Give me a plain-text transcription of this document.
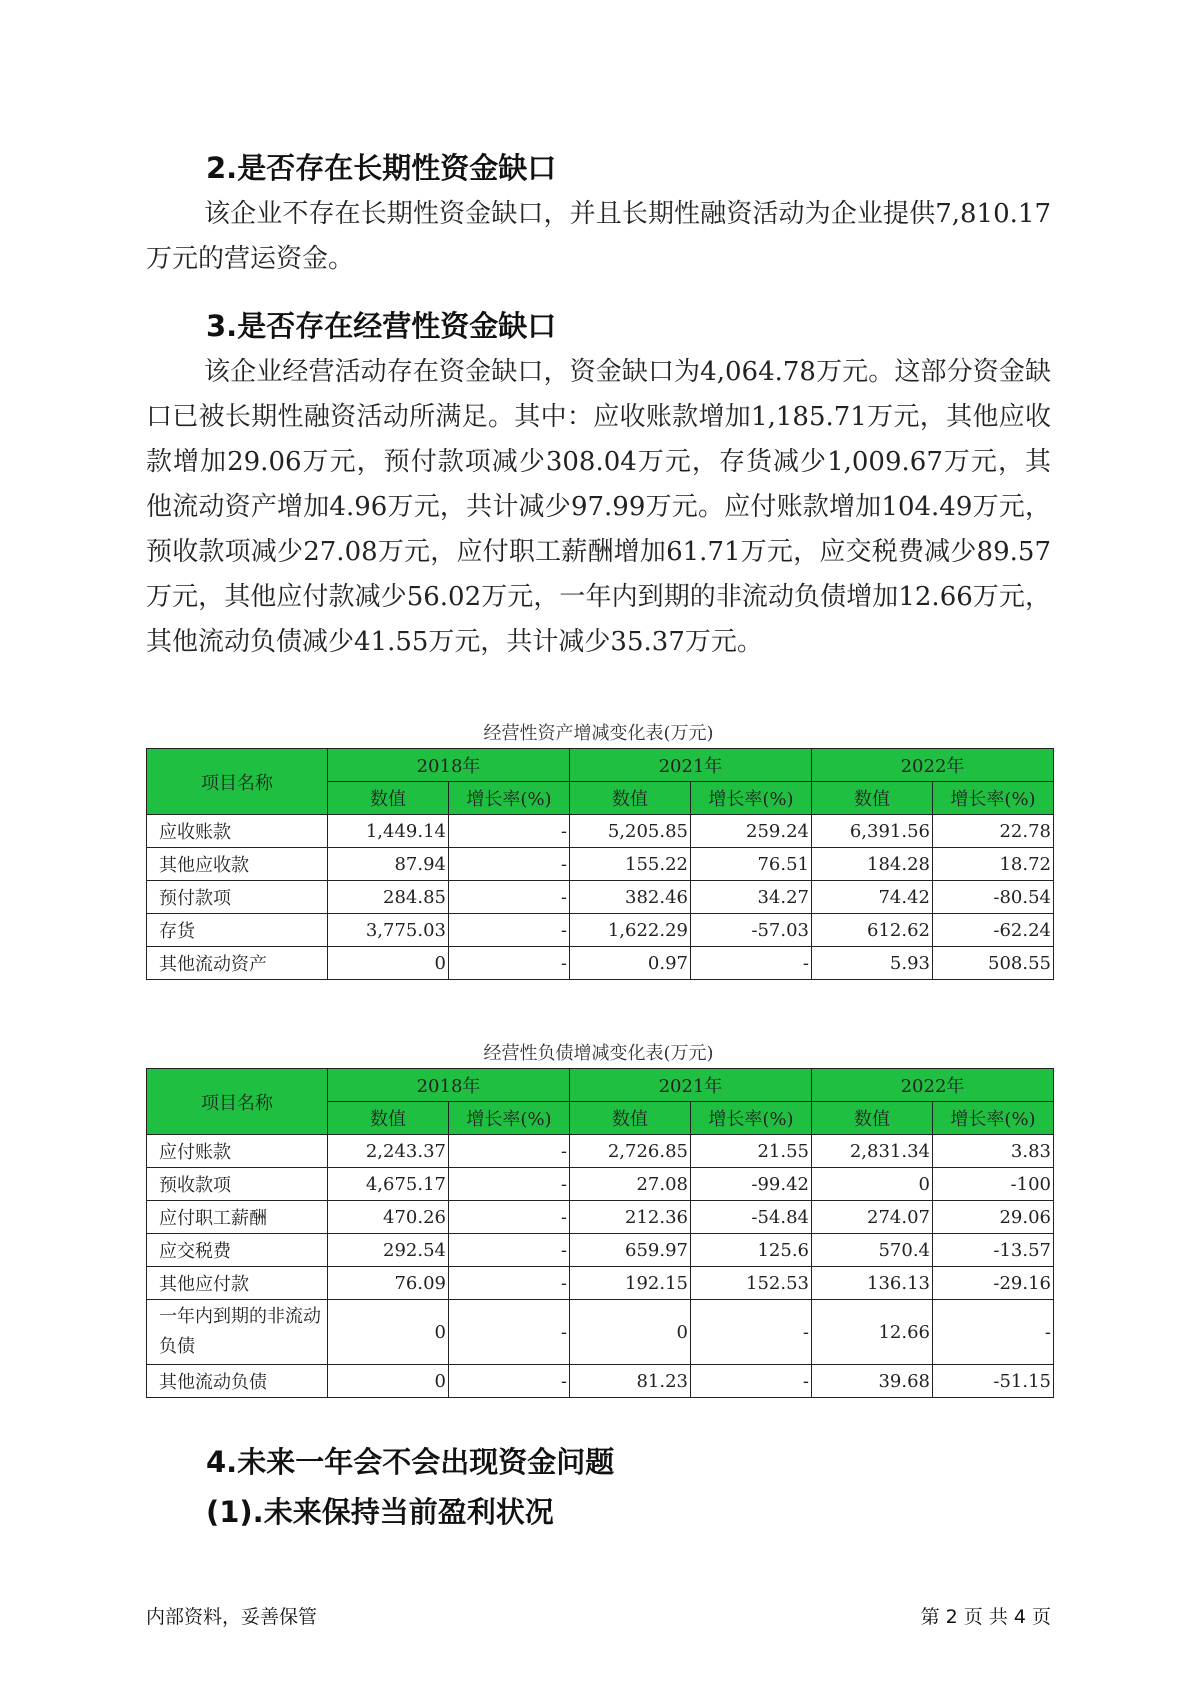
2.是否存在长期性资金缺口

该企业不存在长期性资金缺口，并且长期性融资活动为企业提供7,810.17万元的营运资金。

3.是否存在经营性资金缺口

该企业经营活动存在资金缺口，资金缺口为4,064.78万元。这部分资金缺口已被长期性融资活动所满足。其中：应收账款增加1,185.71万元，其他应收款增加29.06万元，预付款项减少308.04万元，存货减少1,009.67万元，其他流动资产增加4.96万元，共计减少97.99万元。应付账款增加104.49万元，预收款项减少27.08万元，应付职工薪酬增加61.71万元，应交税费减少89.57万元，其他应付款减少56.02万元，一年内到期的非流动负债增加12.66万元，其他流动负债减少41.55万元，共计减少35.37万元。

经营性资产增减变化表(万元)
项目名称	2018年		2021年		2022年	
	数值	增长率(%)	数值	增长率(%)	数值	增长率(%)
应收账款	1,449.14	-	5,205.85	259.24	6,391.56	22.78
其他应收款	87.94	-	155.22	76.51	184.28	18.72
预付款项	284.85	-	382.46	34.27	74.42	-80.54
存货	3,775.03	-	1,622.29	-57.03	612.62	-62.24
其他流动资产	0	-	0.97	-	5.93	508.55
经营性负债增减变化表(万元)
项目名称	2018年		2021年		2022年	
	数值	增长率(%)	数值	增长率(%)	数值	增长率(%)
应付账款	2,243.37	-	2,726.85	21.55	2,831.34	3.83
预收款项	4,675.17	-	27.08	-99.42	0	-100
应付职工薪酬	470.26	-	212.36	-54.84	274.07	29.06
应交税费	292.54	-	659.97	125.6	570.4	-13.57
其他应付款	76.09	-	192.15	152.53	136.13	-29.16
一年内到期的非流动负债	0	-	0	-	12.66	-
其他流动负债	0	-	81.23	-	39.68	-51.15
4.未来一年会不会出现资金问题
(1).未来保持当前盈利状况
内部资料，妥善保管	第 2 页 共 4 页
